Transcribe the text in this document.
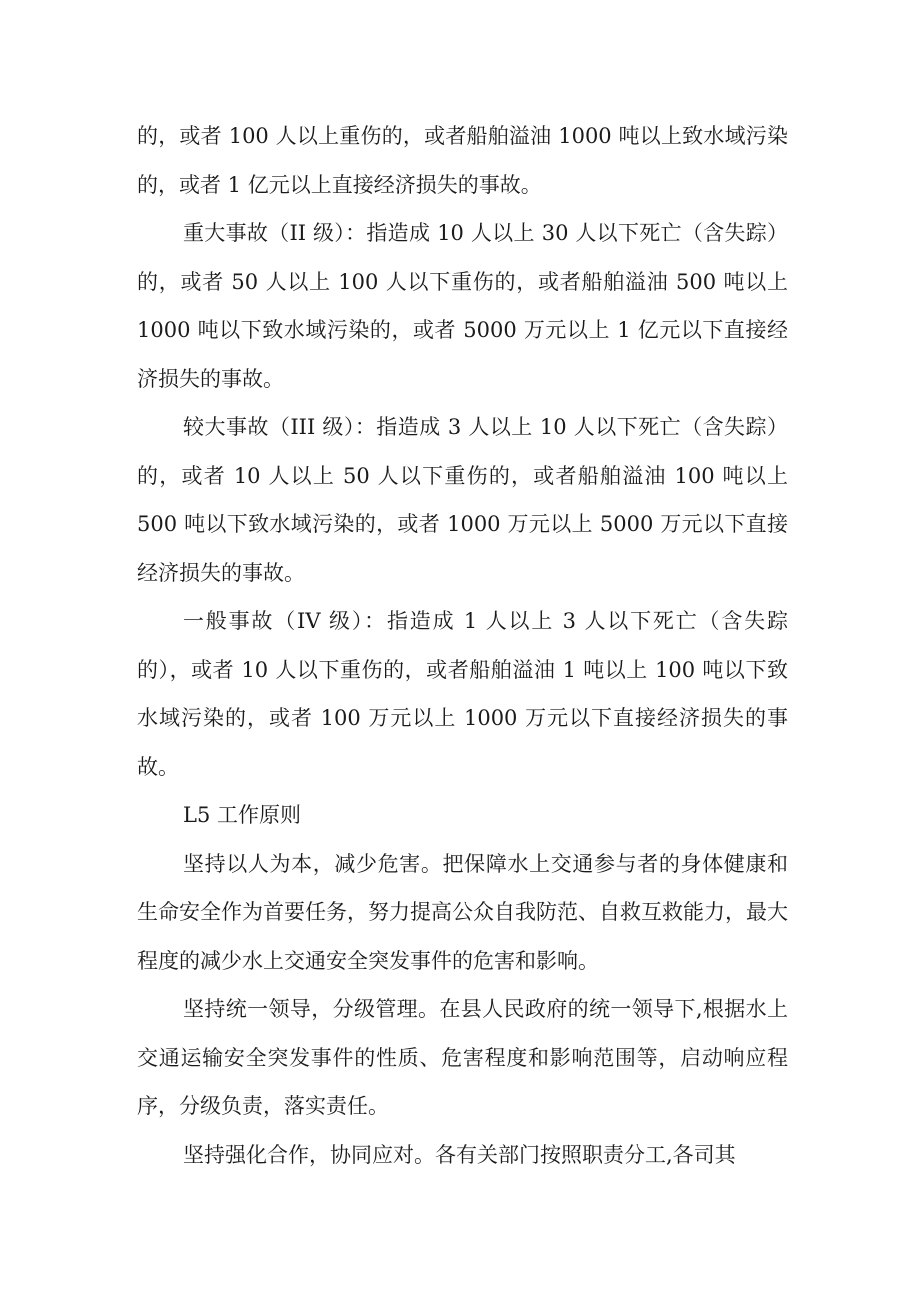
的，或者 100 人以上重伤的，或者船舶溢油 1000 吨以上致水域污染的，或者 1 亿元以上直接经济损失的事故。

重大事故（II 级）：指造成 10 人以上 30 人以下死亡（含失踪）的，或者 50 人以上 100 人以下重伤的，或者船舶溢油 500 吨以上 1000 吨以下致水域污染的，或者 5000 万元以上 1 亿元以下直接经济损失的事故。

较大事故（III 级）：指造成 3 人以上 10 人以下死亡（含失踪）的，或者 10 人以上 50 人以下重伤的，或者船舶溢油 100 吨以上 500 吨以下致水域污染的，或者 1000 万元以上 5000 万元以下直接经济损失的事故。

一般事故（IV 级）：指造成 1 人以上 3 人以下死亡（含失踪的），或者 10 人以下重伤的，或者船舶溢油 1 吨以上 100 吨以下致水域污染的，或者 100 万元以上 1000 万元以下直接经济损失的事故。

L5 工作原则

坚持以人为本，减少危害。把保障水上交通参与者的身体健康和生命安全作为首要任务，努力提高公众自我防范、自救互救能力，最大程度的减少水上交通安全突发事件的危害和影响。

坚持统一领导，分级管理。在县人民政府的统一领导下,根据水上交通运输安全突发事件的性质、危害程度和影响范围等，启动响应程序，分级负责，落实责任。

坚持强化合作，协同应对。各有关部门按照职责分工,各司其
